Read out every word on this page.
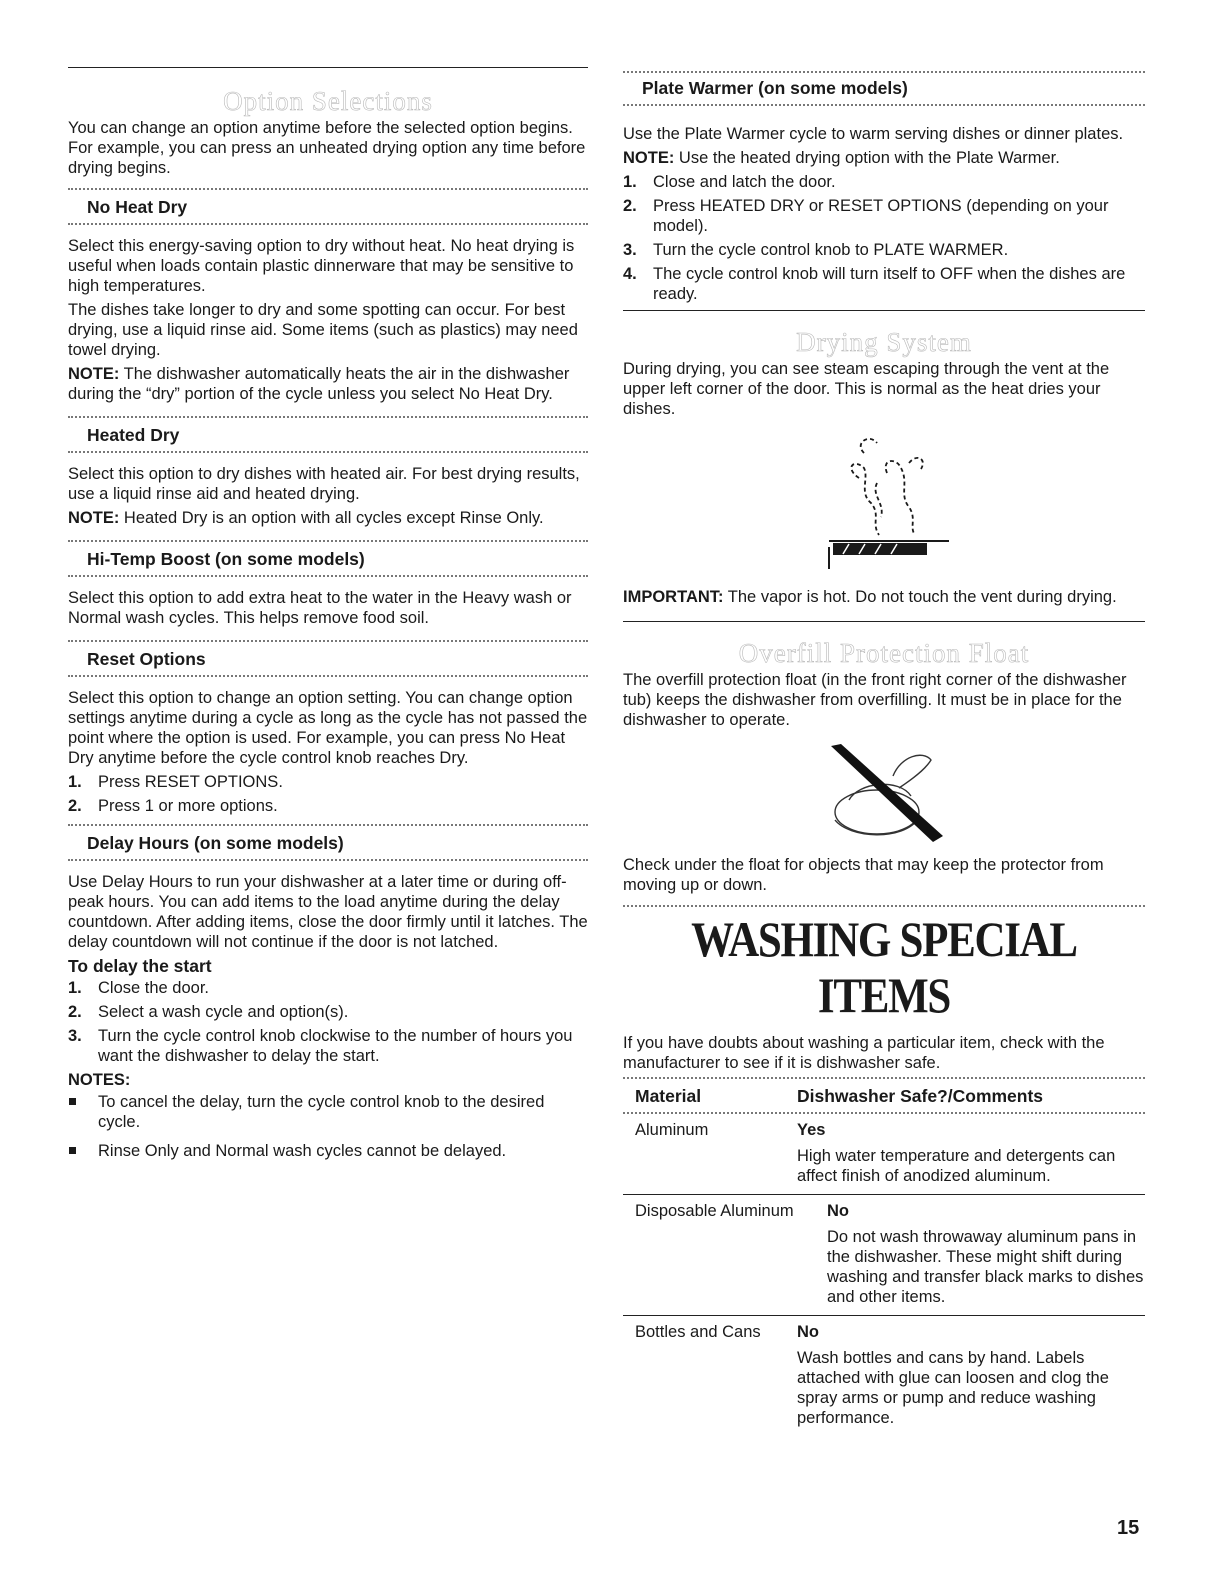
Option Selections

You can change an option anytime before the selected option begins. For example, you can press an unheated drying option any time before drying begins.

No Heat Dry

Select this energy-saving option to dry without heat. No heat drying is useful when loads contain plastic dinnerware that may be sensitive to high temperatures.

The dishes take longer to dry and some spotting can occur. For best drying, use a liquid rinse aid. Some items (such as plastics) may need towel drying.

NOTE: The dishwasher automatically heats the air in the dishwasher during the “dry” portion of the cycle unless you select No Heat Dry.

Heated Dry

Select this option to dry dishes with heated air. For best drying results, use a liquid rinse aid and heated drying.

NOTE: Heated Dry is an option with all cycles except Rinse Only.

Hi-Temp Boost (on some models)

Select this option to add extra heat to the water in the Heavy wash or Normal wash cycles. This helps remove food soil.

Reset Options

Select this option to change an option setting. You can change option settings anytime during a cycle as long as the cycle has not passed the point where the option is used. For example, you can press No Heat Dry anytime before the cycle control knob reaches Dry.

1. Press RESET OPTIONS.
2. Press 1 or more options.
Delay Hours (on some models)

Use Delay Hours to run your dishwasher at a later time or during off-peak hours. You can add items to the load anytime during the delay countdown. After adding items, close the door firmly until it latches. The delay countdown will not continue if the door is not latched.

To delay the start
1. Close the door.
2. Select a wash cycle and option(s).
3. Turn the cycle control knob clockwise to the number of hours you want the dishwasher to delay the start.
NOTES:
To cancel the delay, turn the cycle control knob to the desired cycle.
Rinse Only and Normal wash cycles cannot be delayed.
Plate Warmer (on some models)

Use the Plate Warmer cycle to warm serving dishes or dinner plates.

NOTE: Use the heated drying option with the Plate Warmer.

1. Close and latch the door.
2. Press HEATED DRY or RESET OPTIONS (depending on your model).
3. Turn the cycle control knob to PLATE WARMER.
4. The cycle control knob will turn itself to OFF when the dishes are ready.
Drying System

During drying, you can see steam escaping through the vent at the upper left corner of the door. This is normal as the heat dries your dishes.

IMPORTANT: The vapor is hot. Do not touch the vent during drying.

Overfill Protection Float

The overfill protection float (in the front right corner of the dishwasher tub) keeps the dishwasher from overfilling. It must be in place for the dishwasher to operate.

Check under the float for objects that may keep the protector from moving up or down.

WASHING SPECIAL ITEMS

If you have doubts about washing a particular item, check with the manufacturer to see if it is dishwasher safe.

Material	Dishwasher Safe?/Comments
Aluminum	Yes
High water temperature and detergents can affect finish of anodized aluminum.
Disposable Aluminum	No
Do not wash throwaway aluminum pans in the dishwasher. These might shift during washing and transfer black marks to dishes and other items.
Bottles and Cans	No
Wash bottles and cans by hand. Labels attached with glue can loosen and clog the spray arms or pump and reduce washing performance.
15
